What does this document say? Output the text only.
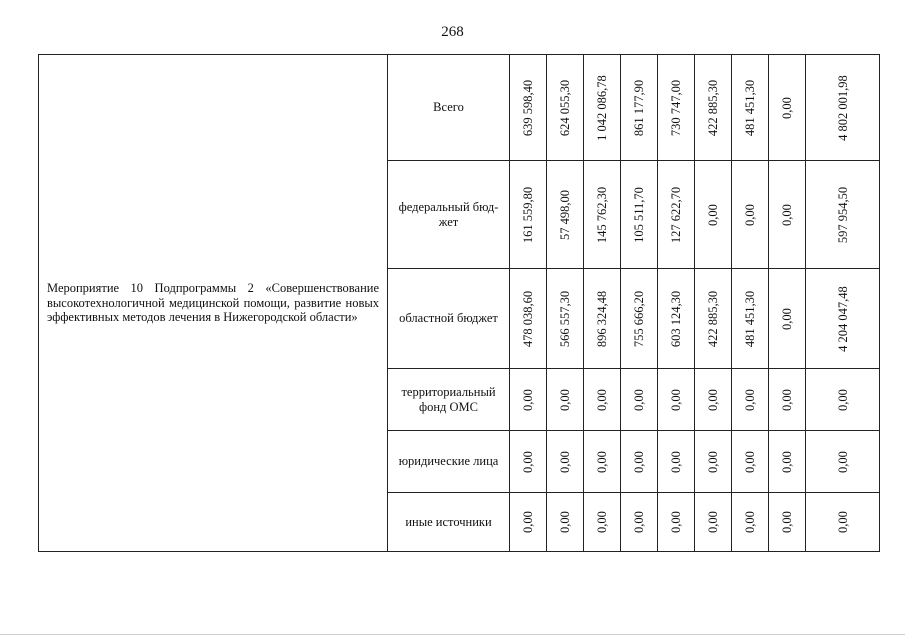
268
Мероприятие 10 Подпрограммы 2 «Совершенствование высокотехнологичной медицинской помощи, развитие новых эффективных методов лечения в Нижегородской области»	Всего	639 598,40	624 055,30	1 042 086,78	861 177,90	730 747,00	422 885,30	481 451,30	0,00	4 802 001,98

	федеральный бюд-жет	161 559,80	57 498,00	145 762,30	105 511,70	127 622,70	0,00	0,00	0,00	597 954,50

	областной бюджет	478 038,60	566 557,30	896 324,48	755 666,20	603 124,30	422 885,30	481 451,30	0,00	4 204 047,48

	территориальный фонд ОМС	0,00	0,00	0,00	0,00	0,00	0,00	0,00	0,00	0,00

	юридические лица	0,00	0,00	0,00	0,00	0,00	0,00	0,00	0,00	0,00

	иные источники	0,00	0,00	0,00	0,00	0,00	0,00	0,00	0,00	0,00
